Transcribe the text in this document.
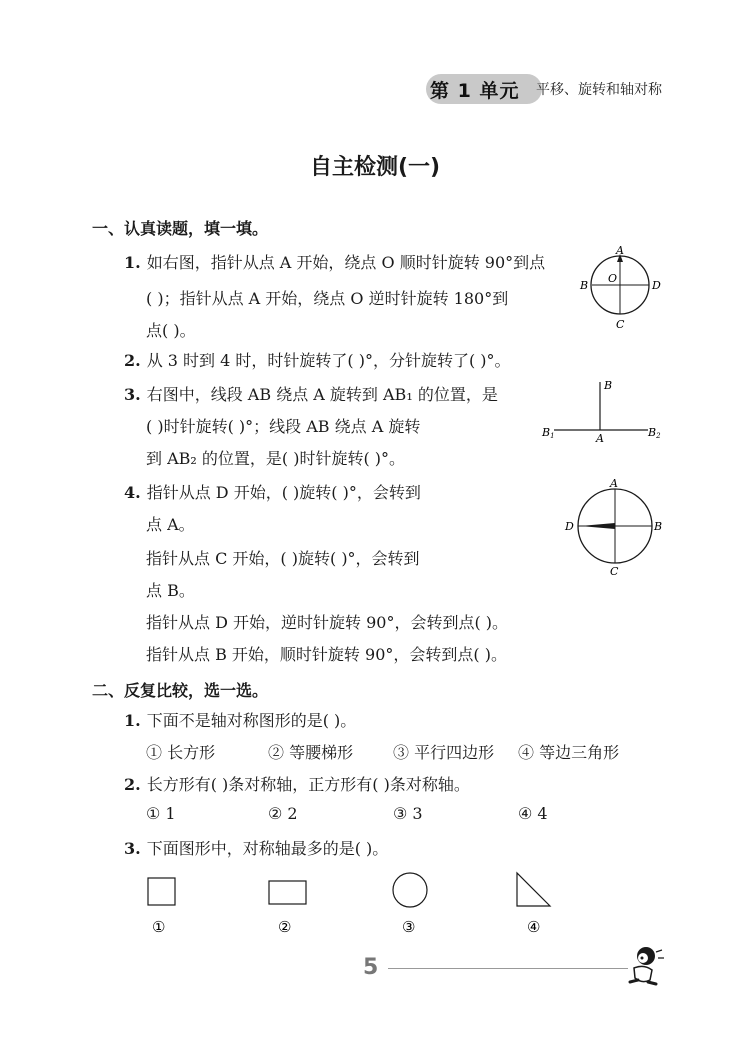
第 1 单元 平移、旋转和轴对称
自主检测(一)
一、认真读题，填一填。
1. 如右图，指针从点 A 开始，绕点 O 顺时针旋转 90°到点
( )；指针从点 A 开始，绕点 O 逆时针旋转 180°到
点( )。
2. 从 3 时到 4 时，时针旋转了( )°，分针旋转了( )°。
3. 右图中，线段 AB 绕点 A 旋转到 AB₁ 的位置，是
( )时针旋转( )°；线段 AB 绕点 A 旋转
到 AB₂ 的位置，是( )时针旋转( )°。
4. 指针从点 D 开始，( )旋转( )°，会转到
点 A。
指针从点 C 开始，( )旋转( )°，会转到
点 B。
指针从点 D 开始，逆时针旋转 90°，会转到点( )。
指针从点 B 开始，顺时针旋转 90°，会转到点( )。
二、反复比较，选一选。
1. 下面不是轴对称图形的是( )。
① 长方形	② 等腰梯形 ③ 平行四边形 ④ 等边三角形
2. 长方形有( )条对称轴，正方形有( )条对称轴。
① 1	② 2	③ 3	④ 4
3. 下面图形中，对称轴最多的是( )。
A
B	D
C
O
B
A
B1	B2
A
B
C
D
①	②	③	④
5
